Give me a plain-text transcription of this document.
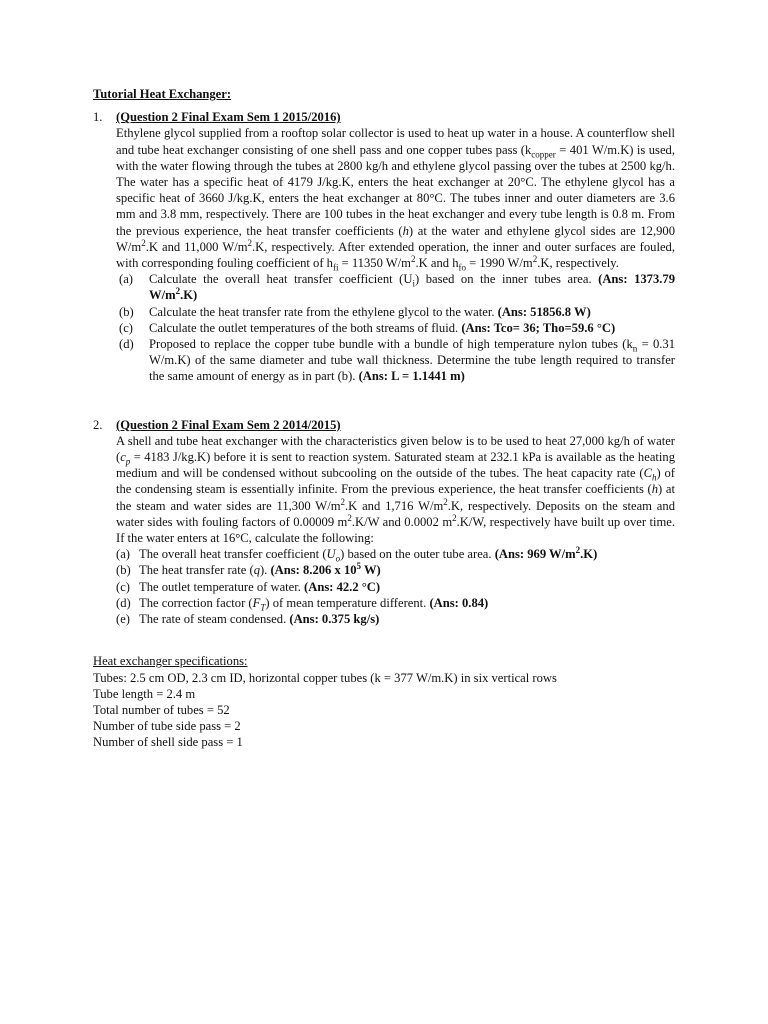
Tutorial Heat Exchanger:
1. (Question 2 Final Exam Sem 1 2015/2016)
Ethylene glycol supplied from a rooftop solar collector is used to heat up water in a house. A counterflow shell and tube heat exchanger consisting of one shell pass and one copper tubes pass ($k_{copper} = 401$ W/m.K) is used, with the water flowing through the tubes at 2800 kg/h and ethylene glycol passing over the tubes at 2500 kg/h. The water has a specific heat of 4179 J/kg.K, enters the heat exchanger at 20°C. The ethylene glycol has a specific heat of 3660 J/kg.K, enters the heat exchanger at 80°C. The tubes inner and outer diameters are 3.6 mm and 3.8 mm, respectively. There are 100 tubes in the heat exchanger and every tube length is 0.8 m. From the previous experience, the heat transfer coefficients (h) at the water and ethylene glycol sides are 12,900 $W/m^2.K$ and 11,000 $W/m^2.K$, respectively. After extended operation, the inner and outer surfaces are fouled, with corresponding fouling coefficient of $h_{fi} = 11350$ $W/m^2.K$ and $h_{fo} = 1990$ $W/m^2.K$, respectively.
(a) Calculate the overall heat transfer coefficient $(U_i)$ based on the inner tubes area. (Ans: 1373.79 $W/m^2.K$)
(b) Calculate the heat transfer rate from the ethylene glycol to the water. (Ans: 51856.8 W)
(c) Calculate the outlet temperatures of the both streams of fluid. (Ans: Tco= 36; Tho=59.6 °C)
(d) Proposed to replace the copper tube bundle with a bundle of high temperature nylon tubes ($k_n = 0.31$ W/m.K) of the same diameter and tube wall thickness. Determine the tube length required to transfer the same amount of energy as in part (b). (Ans: L = 1.1441 m)
2. (Question 2 Final Exam Sem 2 2014/2015)
A shell and tube heat exchanger with the characteristics given below is to be used to heat 27,000 kg/h of water ($c_p = 4183$ J/kg.K) before it is sent to reaction system. Saturated steam at 232.1 kPa is available as the heating medium and will be condensed without subcooling on the outside of the tubes. The heat capacity rate $(C_h)$ of the condensing steam is essentially infinite. From the previous experience, the heat transfer coefficients (h) at the steam and water sides are 11,300 $W/m^2.K$ and 1,716 $W/m^2.K$, respectively. Deposits on the steam and water sides with fouling factors of 0.00009 $m^2.K/W$ and 0.0002 $m^2.K/W$, respectively have built up over time. If the water enters at 16°C, calculate the following:
(a) The overall heat transfer coefficient $(U_o)$ based on the outer tube area. (Ans: 969 $W/m^2.K$)
(b) The heat transfer rate (q). (Ans: 8.206 x $10^5$ W)
(c) The outlet temperature of water. (Ans: 42.2 °C)
(d) The correction factor $(F_T)$ of mean temperature different. (Ans: 0.84)
(e) The rate of steam condensed. (Ans: 0.375 kg/s)
Heat exchanger specifications:
Tubes: 2.5 cm OD, 2.3 cm ID, horizontal copper tubes (k = 377 W/m.K) in six vertical rows
Tube length = 2.4 m
Total number of tubes = 52
Number of tube side pass = 2
Number of shell side pass = 1
